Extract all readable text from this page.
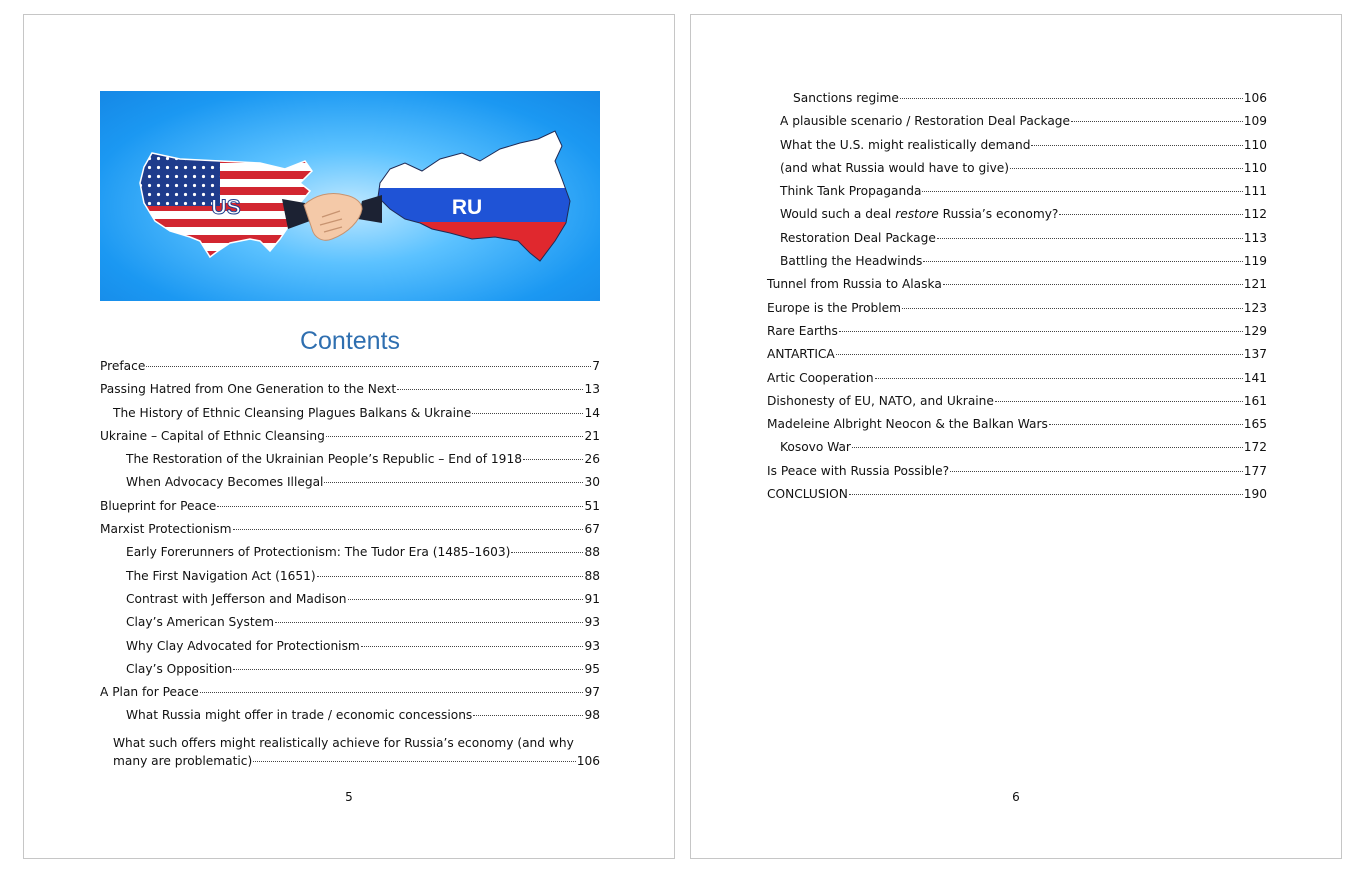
US	RU
Contents
Preface	7
Passing Hatred from One Generation to the Next	13
The History of Ethnic Cleansing Plagues Balkans & Ukraine	14
Ukraine – Capital of Ethnic Cleansing	21
The Restoration of the Ukrainian People’s Republic – End of 1918	26
When Advocacy Becomes Illegal	30
Blueprint for Peace	51
Marxist Protectionism	67
Early Forerunners of Protectionism: The Tudor Era (1485–1603)	88
The First Navigation Act (1651)	88
Contrast with Jefferson and Madison	91
Clay’s American System	93
Why Clay Advocated for Protectionism	93
Clay’s Opposition	95
A Plan for Peace	97
What Russia might offer in trade / economic concessions	98
What such offers might realistically achieve for Russia’s economy (and why
many are problematic)	106
5
Sanctions regime	106
A plausible scenario / Restoration Deal Package	109
What the U.S. might realistically demand	110
(and what Russia would have to give)	110
Think Tank Propaganda	111
Would such a deal restore Russia’s economy?	112
Restoration Deal Package	113
Battling the Headwinds	119
Tunnel from Russia to Alaska	121
Europe is the Problem	123
Rare Earths	129
ANTARTICA	137
Artic Cooperation	141
Dishonesty of EU, NATO, and Ukraine	161
Madeleine Albright Neocon & the Balkan Wars	165
Kosovo War	172
Is Peace with Russia Possible?	177
CONCLUSION	190
6
